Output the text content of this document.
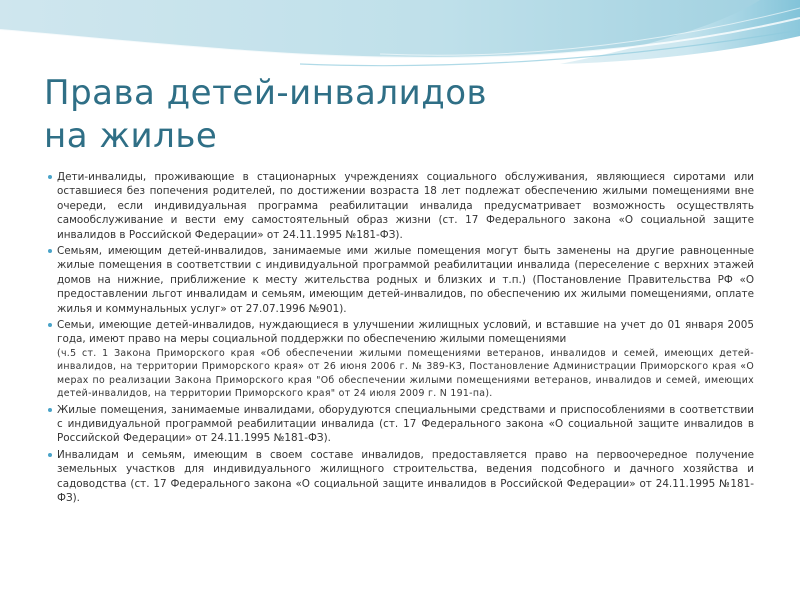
Права детей-инвалидов
на жилье

Дети-инвалиды, проживающие в стационарных учреждениях социального обслуживания, являющиеся сиротами или оставшиеся без попечения родителей, по достижении возраста 18 лет подлежат обеспечению жилыми помещениями вне очереди, если индивидуальная программа реабилитации инвалида предусматривает возможность осуществлять самообслуживание и вести ему самостоятельный образ жизни (ст. 17 Федерального закона «О социальной защите инвалидов в Российской Федерации» от 24.11.1995 №181-ФЗ).

Семьям, имеющим детей-инвалидов, занимаемые ими жилые помещения могут быть заменены на другие равноценные жилые помещения в соответствии с индивидуальной программой реабилитации инвалида (переселение с верхних этажей домов на нижние, приближение к месту жительства родных и близких и т.п.) (Постановление Правительства РФ «О предоставлении льгот инвалидам и семьям, имеющим детей-инвалидов, по обеспечению их жилыми помещениями, оплате жилья и коммунальных услуг» от 27.07.1996 №901).

Семьи, имеющие детей-инвалидов, нуждающиеся в улучшении жилищных условий, и вставшие на учет до 01 января 2005 года, имеют право на меры социальной поддержки по обеспечению жилыми помещениями
(ч.5 ст. 1 Закона Приморского края «Об обеспечении жилыми помещениями ветеранов, инвалидов и семей, имеющих детей-инвалидов, на территории Приморского края» от 26 июня 2006 г. № 389-КЗ, Постановление Администрации Приморского края «О мерах по реализации Закона Приморского края "Об обеспечении жилыми помещениями ветеранов, инвалидов и семей, имеющих детей-инвалидов, на территории Приморского края" от 24 июля 2009 г. N 191-па).

Жилые помещения, занимаемые инвалидами, оборудуются специальными средствами и приспособлениями в соответствии с индивидуальной программой реабилитации инвалида (ст. 17 Федерального закона «О социальной защите инвалидов в Российской Федерации» от 24.11.1995 №181-ФЗ).

Инвалидам и семьям, имеющим в своем составе инвалидов, предоставляется право на первоочередное получение земельных участков для индивидуального жилищного строительства, ведения подсобного и дачного хозяйства и садоводства (ст. 17 Федерального закона «О социальной защите инвалидов в Российской Федерации» от 24.11.1995 №181-ФЗ).
